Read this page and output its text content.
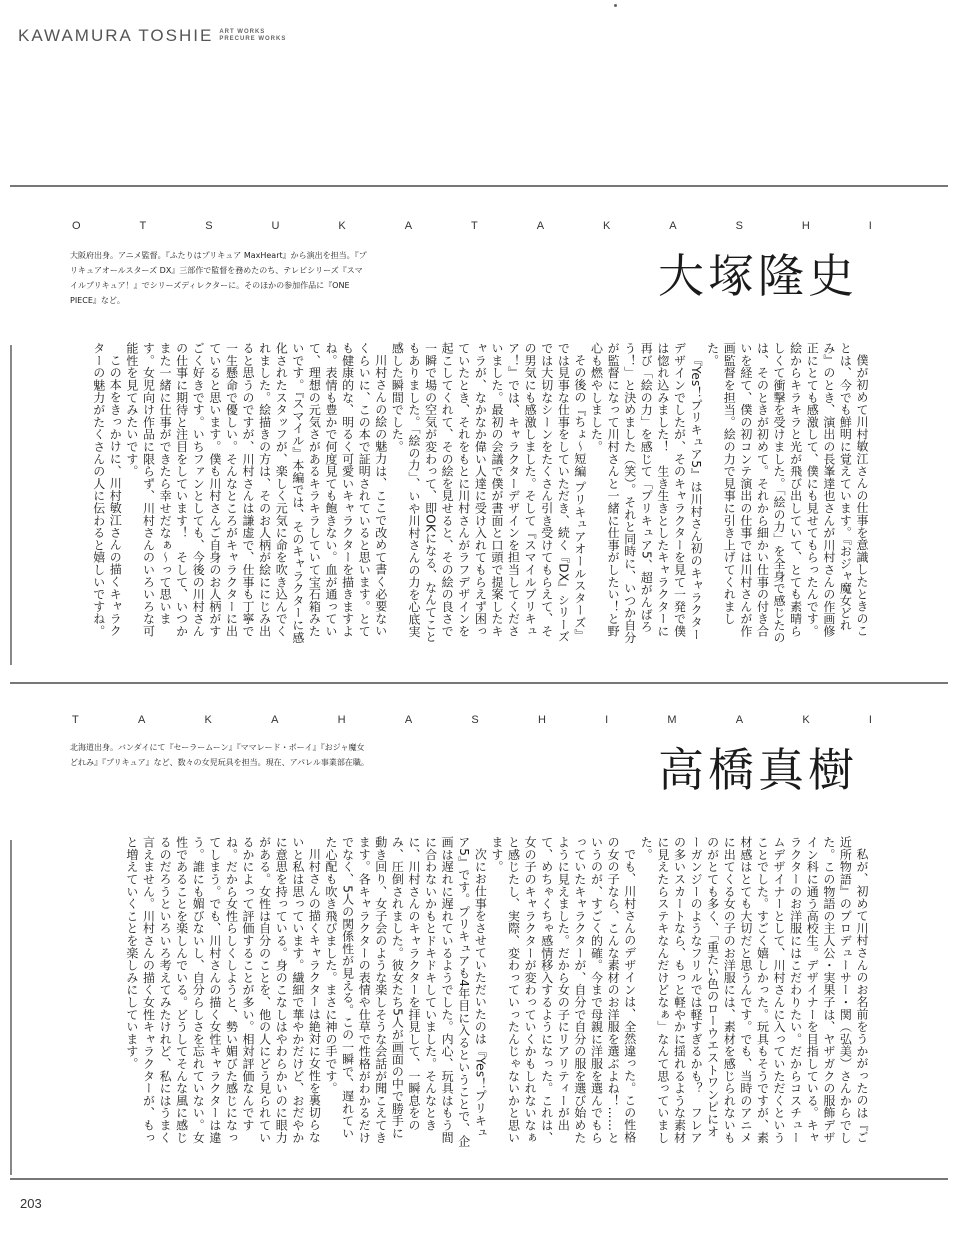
KAWAMURA TOSHIE ART WORKS
PRECURE WORKS
O	T	S	U	K	A	T	A	K	A	S	H	I
大阪府出身。アニメ監督。『ふたりはプリキュア MaxHeart』から演出を担当。『プリキュアオールスターズ DX』三部作で監督を務めたのち、テレビシリーズ『スマイルプリキュア！』でシリーズディレクターに。そのほかの参加作品に『ONE PIECE』など。	大塚隆史

僕が初めて川村敏江さんの仕事を意識したときのことは、今でも鮮明に覚えています。『おジャ魔女どれみ』のとき、演出の長峯達也さんが川村さんの作画修正にとても感激して、僕にも見せてもらったんです。絵からキラキラと光が飛び出していて、とても素晴らしくて衝撃を受けました。「絵の力」を全身で感じたのは、そのときが初めて。それから細かい仕事の付き合いを経て、僕の初コンテ演出の仕事では川村さんが作画監督を担当。絵の力で見事に引き上げてくれました。

『Yes！プリキュア5』は川村さん初のキャラクターデザインでしたが、そのキャラクターを見て一発で僕は惚れ込みました！　生き生きとしたキャラクターに再び「絵の力」を感じて「プリキュア5、超がんばろう！」と決めました（笑）。それと同時に、いつか自分が監督になって川村さんと一緒に仕事がしたい！と野心も燃やしました。

その後の『ちょ～短編 プリキュアオールスターズ』では見事な仕事をしていただき、続く『DX』シリーズでは大切なシーンをたくさん引き受けてもらえて、その男気にも感激しました。そして『スマイルプリキュア！』では、キャラクターデザインを担当してくださいました。最初の会議で僕が書面と口頭で提案したキャラが、なかなか偉い人達に受け入れてもらえず困っていたとき、それをもとに川村さんがラフデザインを起こしてくれて、その絵を見せると、その絵の良さで一瞬で場の空気が変わって、即OKになる、なんてこともありました。「絵の力」、いや川村さんの力を心底実感した瞬間でした。

川村さんの絵の魅力は、ここで改めて書く必要ないくらいに、この本で証明されていると思います。とても健康的な、明るく可愛いキャラクターを描きますよね。表情も豊かで何度見ても飽きない。血が通っていて、理想の元気さがあるキラキラしていて宝石箱みたいです。『スマイル』本編では、そのキャラクターに感化されたスタッフが、楽しく元気に命を吹き込んでくれました。絵描きの方は、そのお人柄が絵ににじみ出ると思うのですが、川村さんは謙虚で、仕事も丁寧で一生懸命で優しい。そんなところがキャラクターに出ていると思います。僕も川村さんご自身のお人柄がすごく好きです。いちファンとしても、今後の川村さんの仕事に期待と注目をしています！　そして、いつかまた一緒に仕事ができたら幸せだなぁ～って思います。女児向け作品に限らず、川村さんのいろいろな可能性を見てみたいです。

この本をきっかけに、川村敏江さんの描くキャラクターの魅力がたくさんの人に伝わると嬉しいですね。

T	A	K	A	H	A	S	H	I	M	A	K	I
北海道出身。バンダイにて『セーラームーン』『ママレード・ボーイ』『おジャ魔女どれみ』『プリキュア』など、数々の女児玩具を担当。現在、アパレル事業部在職。	高橋真樹

私が、初めて川村さんのお名前をうかがったのは『ご近所物語』のプロデューサー・関（弘美）さんからでした。この物語の主人公・実果子は、ヤザガクの服飾デザイン科に通う高校生。デザイナーを目指している。キャラクターのお洋服にはこだわりたい。だからコスチュームデザイナーとして、川村さんに入っていただくということでした。すごく嬉しかった。玩具もそうですが、素材感はとても大切だと思うんです。でも、当時のアニメに出てくる女の子のお洋服には、素材を感じられないものがとても多く、「重たい色のローウエストワンピにオーガンジーのようなフリルでは軽すぎるかも？　フレアの多いスカートなら、もっと軽やかに揺れるような素材に見えたらステキなんだけどなぁ」なんて思っていました。

でも、川村さんのデザインは、全然違った。この性格の女の子なら、こんな素材のお洋服を選ぶよね！……というのが、すごく的確。今まで母親に洋服を選んでもらっていたキャラクターが、自分で自分の服を選び始めたように見えました。だから女の子にリアリティーが出て、めちゃくちゃ感情移入するようになった。これは、女の子のキャラクターが変わっていくかもしれないなぁと感じたし、実際、変わっていったんじゃないかと思います。

次にお仕事をさせていただいたのは『Yes！プリキュア5』です。プリキュアも4年目に入るということで、企画は遅れに遅れているようでした。内心、玩具はもう間に合わないかもとドキドキしていました。そんなときに、川村さんのキャラクターを拝見して、一瞬息をのみ、圧倒されました。彼女たち5人が画面の中で勝手に動き回り、女子会のような楽しそうな会話が聞こえてきます。各キャラクターの表情や仕草で性格がわかるだけでなく、5人の関係性が見える。この一瞬で、遅れていた心配も吹き飛びました。まさに神の手です。

川村さんの描くキャラクターは絶対に女性を裏切らないと私は思っています。繊細で華やかだけど、おだやかに意思を持っている。身のこなしはやわらかいのに眼力がある。女性は自分のことを、他の人にどう見られているかによって評価することが多い。相対評価なんですね。だから女性らしくしようと、勢い媚びた感じになってしまう。でも、川村さんの描く女性キャラクターは違う。誰にも媚びないし、自分らしさを忘れていない。女性であることを楽しんでいる。どうしてそんな風に感じるのだろうといろいろ考えてみたけれど、私にはうまく言えません。川村さんの描く女性キャラクターが、もっと増えていくことを楽しみにしています。

203
